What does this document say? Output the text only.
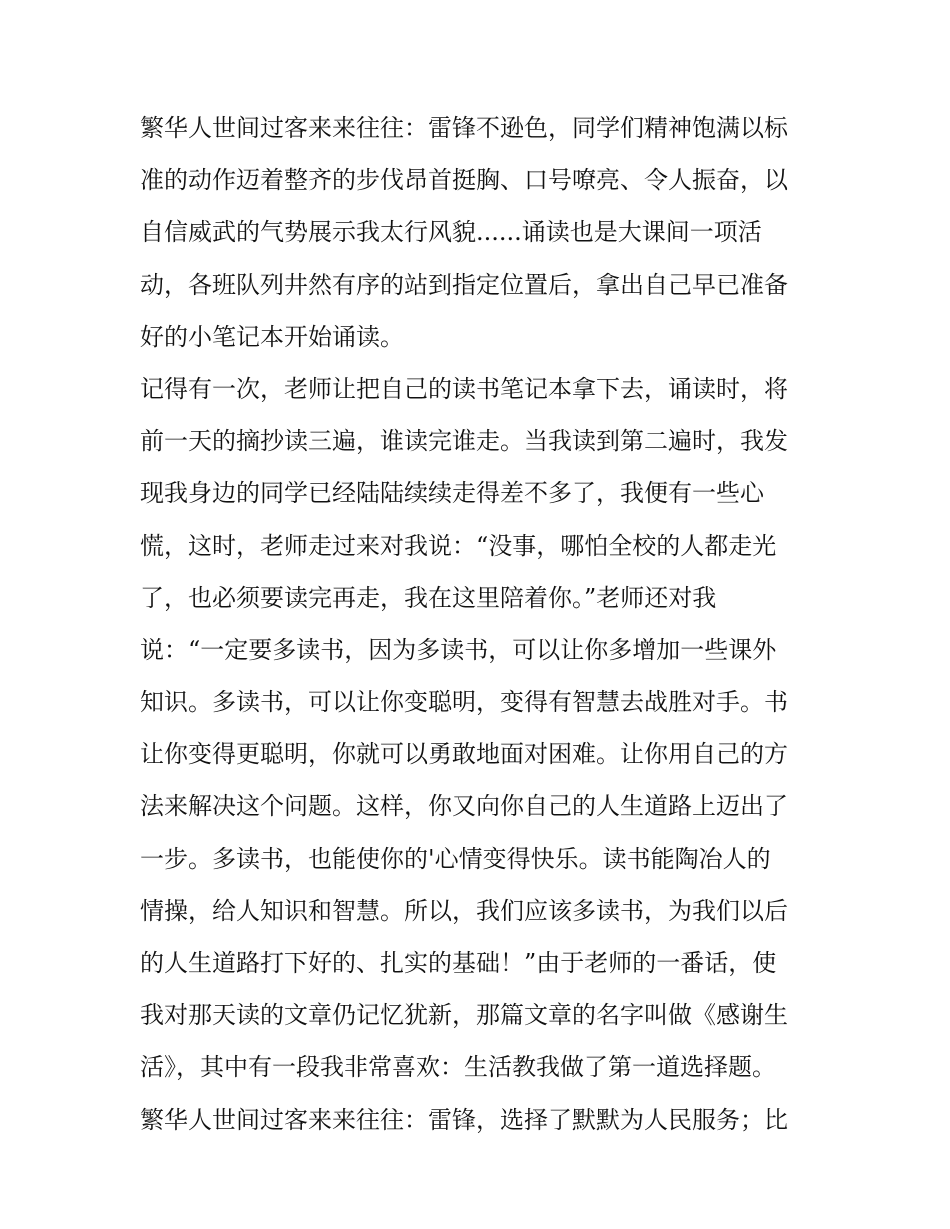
繁华人世间过客来来往往：雷锋不逊色，同学们精神饱满以标
准的动作迈着整齐的步伐昂首挺胸、口号嘹亮、令人振奋，以
自信威武的气势展示我太行风貌......诵读也是大课间一项活
动，各班队列井然有序的站到指定位置后，拿出自己早已准备
好的小笔记本开始诵读。
记得有一次，老师让把自己的读书笔记本拿下去，诵读时，将
前一天的摘抄读三遍，谁读完谁走。当我读到第二遍时，我发
现我身边的同学已经陆陆续续走得差不多了，我便有一些心
慌，这时，老师走过来对我说：“没事，哪怕全校的人都走光
了，也必须要读完再走，我在这里陪着你。”老师还对我
说：“一定要多读书，因为多读书，可以让你多增加一些课外
知识。多读书，可以让你变聪明，变得有智慧去战胜对手。书
让你变得更聪明，你就可以勇敢地面对困难。让你用自己的方
法来解决这个问题。这样，你又向你自己的人生道路上迈出了
一步。多读书，也能使你的'心情变得快乐。读书能陶冶人的
情操，给人知识和智慧。所以，我们应该多读书，为我们以后
的人生道路打下好的、扎实的基础！”由于老师的一番话，使
我对那天读的文章仍记忆犹新，那篇文章的名字叫做《感谢生
活》，其中有一段我非常喜欢：生活教我做了第一道选择题。
繁华人世间过客来来往往：雷锋，选择了默默为人民服务；比
